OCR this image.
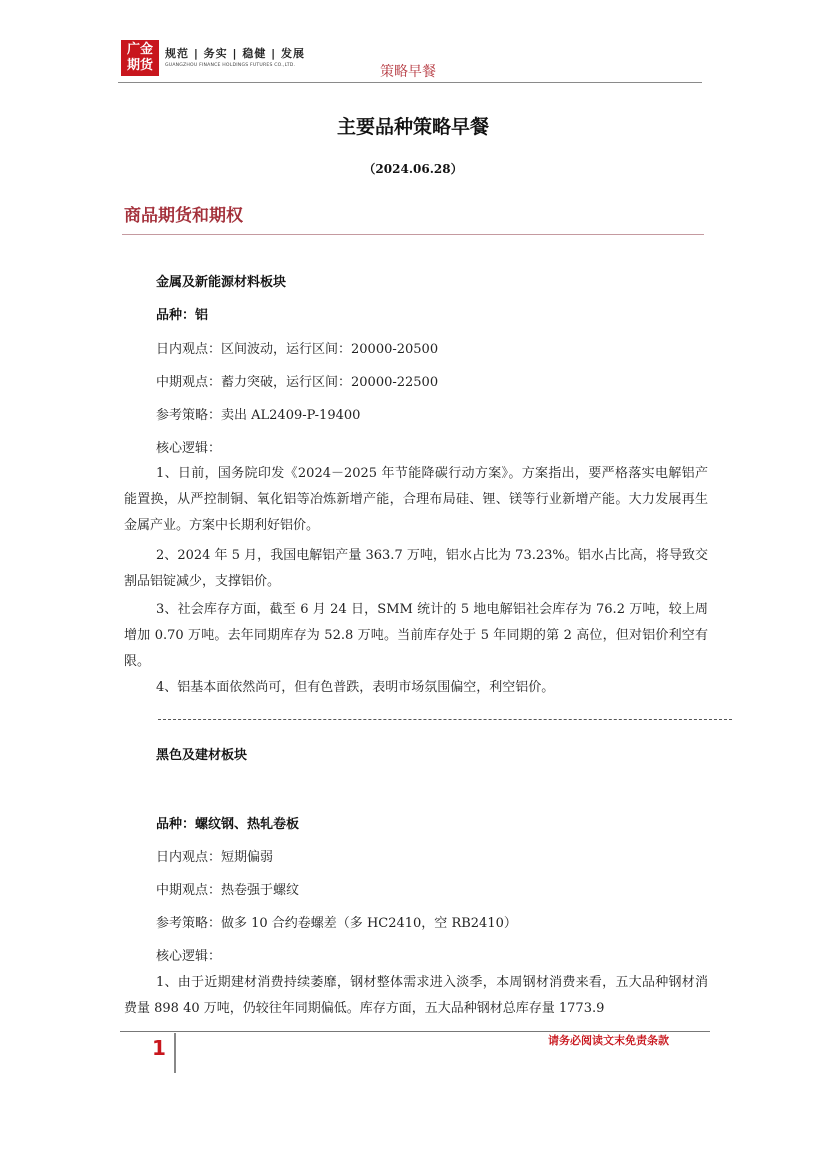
广金
期货
规范 | 务实 | 稳健 | 发展
GUANGZHOU FINANCE HOLDINGS FUTURES CO.,LTD.	策略早餐
主要品种策略早餐
（2024.06.28）
商品期货和期权
金属及新能源材料板块
品种：铝
日内观点：区间波动，运行区间：20000-20500
中期观点：蓄力突破，运行区间：20000-22500
参考策略：卖出 AL2409-P-19400
核心逻辑：
1、日前，国务院印发《2024－2025 年节能降碳行动方案》。方案指出，要严格落实电解铝产能置换，从严控制铜、氧化铝等冶炼新增产能，合理布局硅、锂、镁等行业新增产能。大力发展再生金属产业。方案中长期利好铝价。
2、2024 年 5 月，我国电解铝产量 363.7 万吨，铝水占比为 73.23%。铝水占比高，将导致交割品铝锭减少，支撑铝价。
3、社会库存方面，截至 6 月 24 日，SMM 统计的 5 地电解铝社会库存为 76.2 万吨，较上周增加 0.70 万吨。去年同期库存为 52.8 万吨。当前库存处于 5 年同期的第 2 高位，但对铝价利空有限。
4、铝基本面依然尚可，但有色普跌，表明市场氛围偏空，利空铝价。
黑色及建材板块
品种：螺纹钢、热轧卷板
日内观点：短期偏弱
中期观点：热卷强于螺纹
参考策略：做多 10 合约卷螺差（多 HC2410，空 RB2410）
核心逻辑：
1、由于近期建材消费持续萎靡，钢材整体需求进入淡季，本周钢材消费来看，五大品种钢材消费量 898 40 万吨，仍较往年同期偏低。库存方面，五大品种钢材总库存量 1773.9
1	请务必阅读文末免责条款
